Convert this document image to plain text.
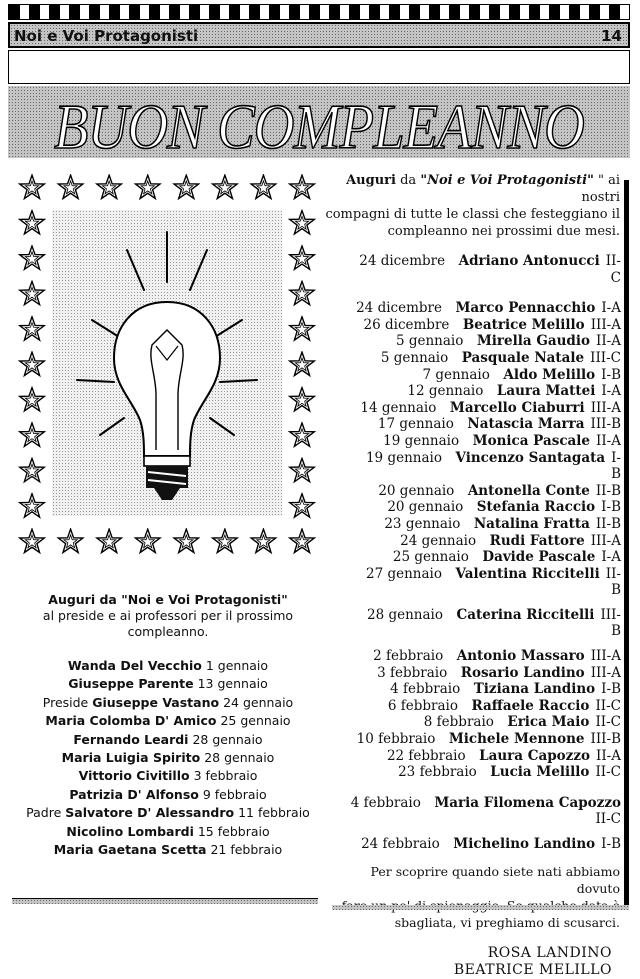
Noi e Voi Protagonisti	14
BUON COMPLEANNO
Auguri da "Noi e Voi Protagonisti"
al preside e ai professori per il prossimo
compleanno.
Wanda Del Vecchio 1 gennaio
Giuseppe Parente 13 gennaio
Preside Giuseppe Vastano 24 gennaio
Maria Colomba D' Amico 25 gennaio
Fernando Leardi 28 gennaio
Maria Luigia Spirito 28 gennaio
Vittorio Civitillo 3 febbraio
Patrizia D' Alfonso 9 febbraio
Padre Salvatore D' Alessandro 11 febbraio
Nicolino Lombardi 15 febbraio
Maria Gaetana Scetta 21 febbraio
Auguri da "Noi e Voi Protagonisti" " ai nostri
compagni di tutte le classi che festeggiano il
compleanno nei prossimi due mesi.
24 dicembre  Adriano Antonucci II-
C
24 dicembre  Marco Pennacchio I-A
26 dicembre  Beatrice Melillo III-A
5 gennaio  Mirella Gaudio II-A
5 gennaio  Pasquale Natale III-C
7 gennaio  Aldo Melillo I-B
12 gennaio  Laura Mattei I-A
14 gennaio  Marcello Ciaburri III-A
17 gennaio  Natascia Marra III-B
19 gennaio  Monica Pascale II-A
19 gennaio  Vincenzo Santagata I-
B
20 gennaio  Antonella Conte II-B
20 gennaio  Stefania Raccio I-B
23 gennaio  Natalina Fratta II-B
24 gennaio  Rudi Fattore III-A
25 gennaio  Davide Pascale I-A
27 gennaio  Valentina Riccitelli II-
B
28 gennaio  Caterina Riccitelli III-
B
2 febbraio  Antonio Massaro III-A
3 febbraio  Rosario Landino III-A
4 febbraio  Tiziana Landino I-B
6 febbraio  Raffaele Raccio II-C
8 febbraio  Erica Maio II-C
10 febbraio  Michele Mennone III-B
22 febbraio  Laura Capozzo II-A
23 febbraio  Lucia Melillo II-C
4 febbraio  Maria Filomena Capozzo
II-C
24 febbraio  Michelino Landino I-B
Per scoprire quando siete nati abbiamo dovuto
sbagliata, vi preghiamo di scusarci.
ROSA LANDINO
BEATRICE MELILLO
